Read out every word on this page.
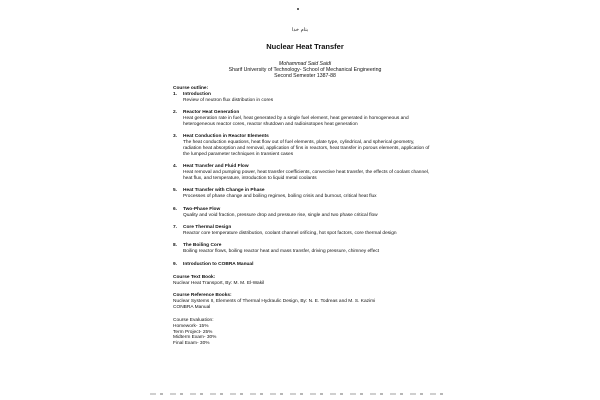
بنام خدا
Nuclear Heat Transfer
Mohammad Said Saidi
Sharif University of Technology- School of Mechanical Engineering
Second Semester 1387-88
Course outline:
1.	Introduction
Review of neutron flux distribution in cores
2.	Reactor Heat Generation
Heat generation rate in fuel, heat generated by a single fuel element, heat generated in homogeneous and heterogeneous reactor cores, reactor shutdown and radioisotopes heat generation
3.	Heat Conduction in Reactor Elements
The heat conduction equations, heat flow out of fuel elements, plate type, cylindrical, and spherical geometry, radiation heat absorption and removal, application of fins in reactors, heat transfer in porous elements, application of the lumped parameter techniques in transient cases
4.	Heat Transfer and Fluid Flow
Heat removal and pumping power, heat transfer coefficients, convective heat transfer, the effects of coolant channel, heat flux, and temperature, introduction to liquid metal coolants
5.	Heat Transfer with Change in Phase
Processes of phase change and boiling regimes, boiling crisis and burnout, critical heat flux
6.	Two-Phase Flow
Quality and void fraction, pressure drop and pressure rise, single and two phase critical flow
7.	Core Thermal Design
Reactor core temperature distribution, coolant channel orificing, hot spot factors, core thermal design
8.	The Boiling Core
Boiling reactor flows, boiling reactor heat and mass transfer, driving pressure, chimney effect
9.	Introduction to COBRA Manual
Course Text Book:
Nuclear Heat Transport, By: M. M. El-Wakil
Course Reference Books:
Nuclear Systems II, Elements of Thermal Hydraulic Design, By: N. E. Todreas and M. S. Kazimi
CONBRA Manual
Course Evaluation:
Homework- 15%
Term Project- 25%
Midterm Exam- 30%
Final Exam- 30%
